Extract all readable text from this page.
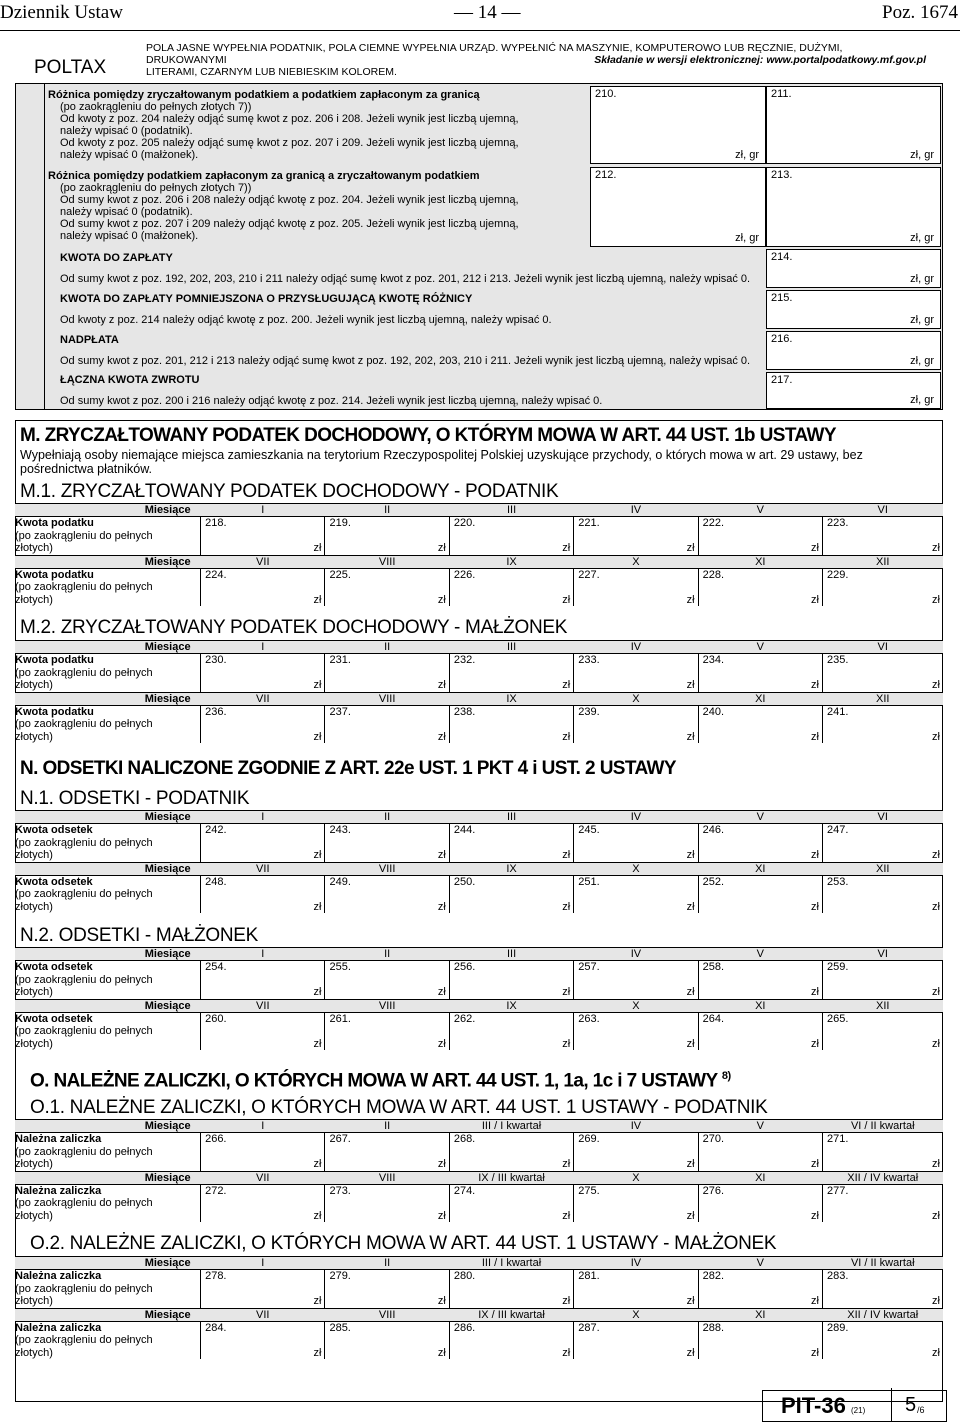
Dziennik Ustaw	— 14 —	Poz. 1674
POLTAX
POLA JASNE WYPEŁNIA PODATNIK, POLA CIEMNE WYPEŁNIA URZĄD. WYPEŁNIĆ NA MASZYNIE, KOMPUTEROWO LUB RĘCZNIE, DUŻYMI, DRUKOWANYMI
LITERAMI, CZARNYM LUB NIEBIESKIM KOLOREM.
Składanie w wersji elektronicznej: www.portalpodatkowy.mf.gov.pl
210.
zł, gr
211.
zł, gr
Różnica pomiędzy zryczałtowanym podatkiem a podatkiem zapłaconym za granicą
(po zaokrągleniu do pełnych złotych 7))
Od kwoty z poz. 204 należy odjąć sumę kwot z poz. 206 i 208. Jeżeli wynik jest liczbą ujemną,
należy wpisać 0 (podatnik).
Od kwoty z poz. 205 należy odjąć sumę kwot z poz. 207 i 209. Jeżeli wynik jest liczbą ujemną,
należy wpisać 0 (małżonek).
212.
zł, gr
213.
zł, gr
Różnica pomiędzy podatkiem zapłaconym za granicą a zryczałtowanym podatkiem
(po zaokrągleniu do pełnych złotych 7))
Od sumy kwot z poz. 206 i 208 należy odjąć kwotę z poz. 204. Jeżeli wynik jest liczbą ujemną,
należy wpisać 0 (podatnik).
Od sumy kwot z poz. 207 i 209 należy odjąć kwotę z poz. 205. Jeżeli wynik jest liczbą ujemną,
należy wpisać 0 (małżonek).
KWOTA DO ZAPŁATY
Od sumy kwot z poz. 192, 202, 203, 210 i 211 należy odjąć sumę kwot z poz. 201, 212 i 213. Jeżeli wynik jest liczbą ujemną, należy wpisać 0.
214.
zł, gr
KWOTA DO ZAPŁATY POMNIEJSZONA O PRZYSŁUGUJĄCĄ KWOTĘ RÓŻNICY
Od kwoty z poz. 214 należy odjąć kwotę z poz. 200. Jeżeli wynik jest liczbą ujemną, należy wpisać 0.
215.
zł, gr
NADPŁATA
Od sumy kwot z poz. 201, 212 i 213 należy odjąć sumę kwot z poz. 192, 202, 203, 210 i 211. Jeżeli wynik jest liczbą ujemną, należy wpisać 0.
216.
zł, gr
ŁĄCZNA KWOTA ZWROTU
Od sumy kwot z poz. 200 i 216 należy odjąć kwotę z poz. 214. Jeżeli wynik jest liczbą ujemną, należy wpisać 0.
217.
zł, gr
M. ZRYCZAŁTOWANY PODATEK DOCHODOWY, O KTÓRYM MOWA W ART. 44 UST. 1b USTAWY
Wypełniają osoby niemające miejsca zamieszkania na terytorium Rzeczypospolitej Polskiej uzyskujące przychody, o których mowa w art. 29 ustawy, bez pośrednictwa płatników.
M.1. ZRYCZAŁTOWANY PODATEK DOCHODOWY - PODATNIK
Miesiące	I	II	III	IV	V	VI
Kwota podatku	218.	219.	220.	221.	222.	223.
(po zaokrągleniu do pełnych						
złotych)	zł	zł	zł	zł	zł	zł
Miesiące	VII	VIII	IX	X	XI	XII
Kwota podatku	224.	225.	226.	227.	228.	229.
(po zaokrągleniu do pełnych						
złotych)	zł	zł	zł	zł	zł	zł
M.2. ZRYCZAŁTOWANY PODATEK DOCHODOWY - MAŁŻONEK
Miesiące	I	II	III	IV	V	VI
Kwota podatku	230.	231.	232.	233.	234.	235.
(po zaokrągleniu do pełnych						
złotych)	zł	zł	zł	zł	zł	zł
Miesiące	VII	VIII	IX	X	XI	XII
Kwota podatku	236.	237.	238.	239.	240.	241.
(po zaokrągleniu do pełnych						
złotych)	zł	zł	zł	zł	zł	zł
N. ODSETKI NALICZONE ZGODNIE Z ART. 22e UST. 1 PKT 4 i UST. 2 USTAWY
N.1. ODSETKI - PODATNIK
Miesiące	I	II	III	IV	V	VI
Kwota odsetek	242.	243.	244.	245.	246.	247.
(po zaokrągleniu do pełnych						
złotych)	zł	zł	zł	zł	zł	zł
Miesiące	VII	VIII	IX	X	XI	XII
Kwota odsetek	248.	249.	250.	251.	252.	253.
(po zaokrągleniu do pełnych						
złotych)	zł	zł	zł	zł	zł	zł
N.2. ODSETKI - MAŁŻONEK
Miesiące	I	II	III	IV	V	VI
Kwota odsetek	254.	255.	256.	257.	258.	259.
(po zaokrągleniu do pełnych						
złotych)	zł	zł	zł	zł	zł	zł
Miesiące	VII	VIII	IX	X	XI	XII
Kwota odsetek	260.	261.	262.	263.	264.	265.
(po zaokrągleniu do pełnych						
złotych)	zł	zł	zł	zł	zł	zł
O. NALEŻNE ZALICZKI, O KTÓRYCH MOWA W ART. 44 UST. 1, 1a, 1c i 7 USTAWY $^{8)}$
O.1. NALEŻNE ZALICZKI, O KTÓRYCH MOWA W ART. 44 UST. 1 USTAWY - PODATNIK
Miesiące	I	II	III / I kwartał	IV	V	VI / II kwartał
Należna zaliczka	266.	267.	268.	269.	270.	271.
(po zaokrągleniu do pełnych						
złotych)	zł	zł	zł	zł	zł	zł
Miesiące	VII	VIII	IX / III kwartał	X	XI	XII / IV kwartał
Należna zaliczka	272.	273.	274.	275.	276.	277.
(po zaokrągleniu do pełnych						
złotych)	zł	zł	zł	zł	zł	zł
O.2. NALEŻNE ZALICZKI, O KTÓRYCH MOWA W ART. 44 UST. 1 USTAWY - MAŁŻONEK
Miesiące	I	II	III / I kwartał	IV	V	VI / II kwartał
Należna zaliczka	278.	279.	280.	281.	282.	283.
(po zaokrągleniu do pełnych						
złotych)	zł	zł	zł	zł	zł	zł
Miesiące	VII	VIII	IX / III kwartał	X	XI	XII / IV kwartał
Należna zaliczka	284.	285.	286.	287.	288.	289.
(po zaokrągleniu do pełnych						
złotych)	zł	zł	zł	zł	zł	zł
PIT-36 (21) 5 /6
